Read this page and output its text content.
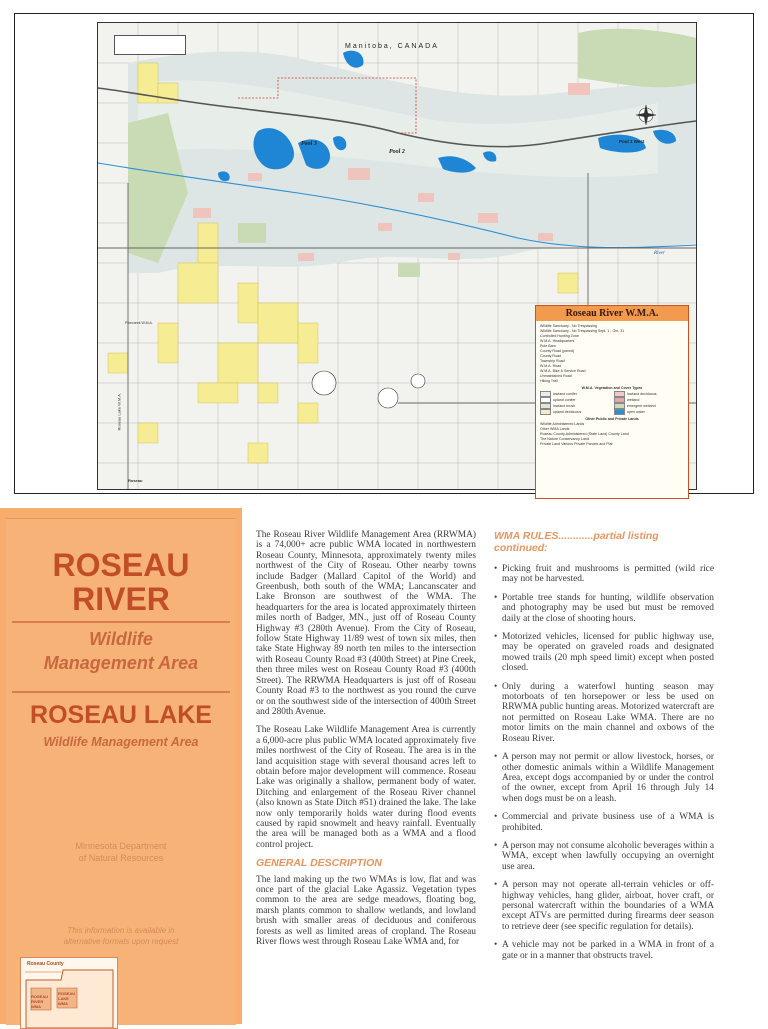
Pool 3
Pool 2
Pool 1 West
River
Pinecreek W.M.A.
Roseau Lake W.M.A.
Roseau
Manitoba, CANADA
Roseau River W.M.A.
Wildlife Sanctuary - No Trespassing
Wildlife Sanctuary - No Trespassing Sept. 1 - Oct. 31
Controlled Hunting Zone
W.M.A. Headquarters
Pole Barn
County Road (paved)
County Road
Township Road
W.M.A. Road
W.M.A. Bike & Service Road
Unmaintained Road
Hiking Trail
W.M.A. Vegetation and Cover Types
lowland conifer	lowland deciduous
upland conifer	wetland
lowland brush	emergent wetland
upland deciduous	open water
Other Public and Private Lands
Wildlife Administered Lands
Other WMA Lands
Roseau County Administered (State Land) County Land
The Nature Conservancy Land
Private Land Various Private Parcels and Plat
ROSEAU
RIVER
Wildlife
Management Area
ROSEAU LAKE
Wildlife Management Area
Minnesota Department
of Natural Resources
This information is available in
alternative formats upon request
Roseau County
ROSEAU RIVER WMA
ROSEAU LAKE WMA

The Roseau River Wildlife Management Area (RRWMA) is a 74,000+ acre public WMA located in northwestern Roseau County, Minnesota, approximately twenty miles northwest of the City of Roseau. Other nearby towns include Badger (Mallard Capitol of the World) and Greenbush, both south of the WMA; Lancanscater and Lake Bronson are southwest of the WMA. The headquarters for the area is located approximately thirteen miles north of Badger, MN., just off of Roseau County Highway #3 (280th Avenue). From the City of Roseau, follow State Highway 11/89 west of town six miles, then take State Highway 89 north ten miles to the intersection with Roseau County Road #3 (400th Street) at Pine Creek, then three miles west on Roseau County Road #3 (400th Street). The RRWMA Headquarters is just off of Roseau County Road #3 to the northwest as you round the curve or on the southwest side of the intersection of 400th Street and 280th Avenue.

The Roseau Lake Wildlife Management Area is currently a 6,000-acre plus public WMA located approximately five miles northwest of the City of Roseau. The area is in the land acquisition stage with several thousand acres left to obtain before major development will commence. Roseau Lake was originally a shallow, permanent body of water. Ditching and enlargement of the Roseau River channel (also known as State Ditch #51) drained the lake. The lake now only temporarily holds water during flood events caused by rapid snowmelt and heavy rainfall. Eventually the area will be managed both as a WMA and a flood control project.

GENERAL DESCRIPTION

The land making up the two WMAs is low, flat and was once part of the glacial Lake Agassiz. Vegetation types common to the area are sedge meadows, floating bog, marsh plants common to shallow wetlands, and lowland brush with smaller areas of deciduous and coniferous forests as well as limited areas of cropland. The Roseau River flows west through Roseau Lake WMA and, for

WMA RULES............partial listing
continued:
• Picking fruit and mushrooms is permitted (wild rice may not be harvested.
• Portable tree stands for hunting, wildlife observation and photography may be used but must be removed daily at the close of shooting hours.
• Motorized vehicles, licensed for public highway use, may be operated on graveled roads and designated mowed trails (20 mph speed limit) except when posted closed.
• Only during a waterfowl hunting season may motorboats of ten horsepower or less be used on RRWMA public hunting areas. Motorized watercraft are not permitted on Roseau Lake WMA. There are no motor limits on the main channel and oxbows of the Roseau River.
• A person may not permit or allow livestock, horses, or other domestic animals within a Wildlife Management Area, except dogs accompanied by or under the control of the owner, except from April 16 through July 14 when dogs must be on a leash.
• Commercial and private business use of a WMA is prohibited.
• A person may not consume alcoholic beverages within a WMA, except when lawfully occupying an overnight use area.
• A person may not operate all-terrain vehicles or off-highway vehicles, hang glider, airboat, hover craft, or personal watercraft within the boundaries of a WMA except ATVs are permitted during firearms deer season to retrieve deer (see specific regulation for details).
• A vehicle may not be parked in a WMA in front of a gate or in a manner that obstructs travel.
